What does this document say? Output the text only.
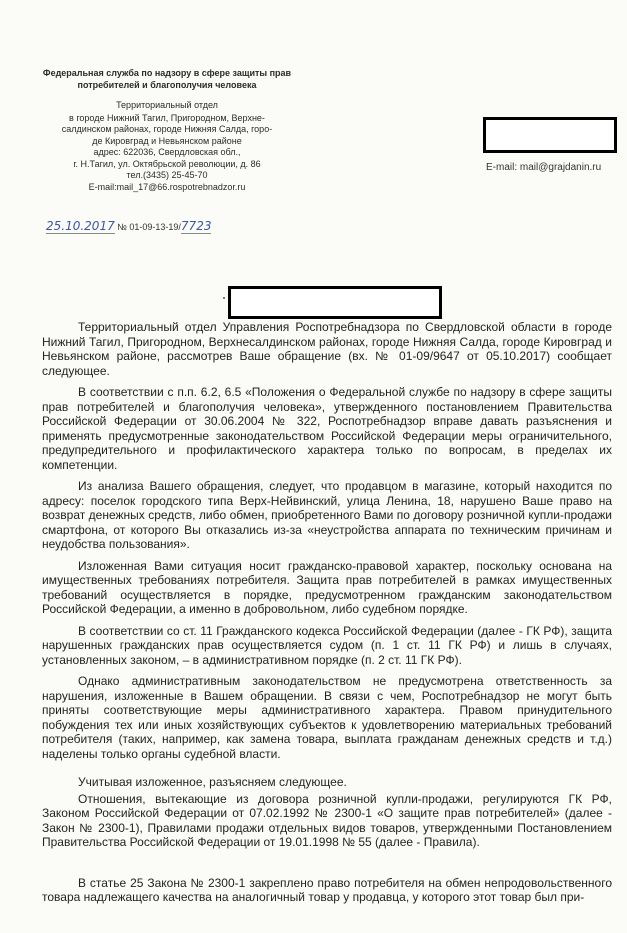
Федеральная служба по надзору в сфере защиты прав потребителей и благополучия человека
Территориальный отдел
в городе Нижний Тагил, Пригородном, Верхне-
салдинском районах, городе Нижняя Салда, горо-
де Кировград и Невьянском районе
адрес: 622036, Свердловская обл.,
г. Н.Тагил, ул. Октябрьской революции, д. 86
тел.(3435) 25-45-70
E-mail:mail_17@66.rospotrebnadzor.ru
E-mail: mail@grajdanin.ru
25.10.2017 № 01-09-13-19/7723

Территориальный отдел Управления Роспотребнадзора по Свердловской области в городе Нижний Тагил, Пригородном, Верхнесалдинском районах, городе Нижняя Салда, городе Кировград и Невьянском районе, рассмотрев Ваше обращение (вх. № 01-09/9647 от 05.10.2017) сообщает следующее.

В соответствии с п.п. 6.2, 6.5 «Положения о Федеральной службе по надзору в сфере защиты прав потребителей и благополучия человека», утвержденного постановлением Правительства Российской Федерации от 30.06.2004 № 322, Роспотребнадзор вправе давать разъяснения и применять предусмотренные законодательством Российской Федерации меры ограничительного, предупредительного и профилактического характера только по вопросам, в пределах их компетенции.

Из анализа Вашего обращения, следует, что продавцом в магазине, который находится по адресу: поселок городского типа Верх-Нейвинский, улица Ленина, 18, нарушено Ваше право на возврат денежных средств, либо обмен, приобретенного Вами по договору розничной купли-продажи смартфона, от которого Вы отказались из-за «неустройства аппарата по техническим причинам и неудобства пользования».

Изложенная Вами ситуация носит гражданско-правовой характер, поскольку основана на имущественных требованиях потребителя. Защита прав потребителей в рамках имущественных требований осуществляется в порядке, предусмотренном гражданским законодательством Российской Федерации, а именно в добровольном, либо судебном порядке.

В соответствии со ст. 11 Гражданского кодекса Российской Федерации (далее - ГК РФ), защита нарушенных гражданских прав осуществляется судом (п. 1 ст. 11 ГК РФ) и лишь в случаях, установленных законом, – в административном порядке (п. 2 ст. 11 ГК РФ).

Однако административным законодательством не предусмотрена ответственность за нарушения, изложенные в Вашем обращении. В связи с чем, Роспотребнадзор не могут быть приняты соответствующие меры административного характера. Правом принудительного побуждения тех или иных хозяйствующих субъектов к удовлетворению материальных требований потребителя (таких, например, как замена товара, выплата гражданам денежных средств и т.д.) наделены только органы судебной власти.

Учитывая изложенное, разъясняем следующее.

Отношения, вытекающие из договора розничной купли-продажи, регулируются ГК РФ, Законом Российской Федерации от 07.02.1992 № 2300-1 «О защите прав потребителей» (далее - Закон № 2300-1), Правилами продажи отдельных видов товаров, утвержденными Постановлением Правительства Российской Федерации от 19.01.1998 № 55 (далее - Правила).

В статье 25 Закона № 2300-1 закреплено право потребителя на обмен непродовольственного товара надлежащего качества на аналогичный товар у продавца, у которого этот товар был при-
